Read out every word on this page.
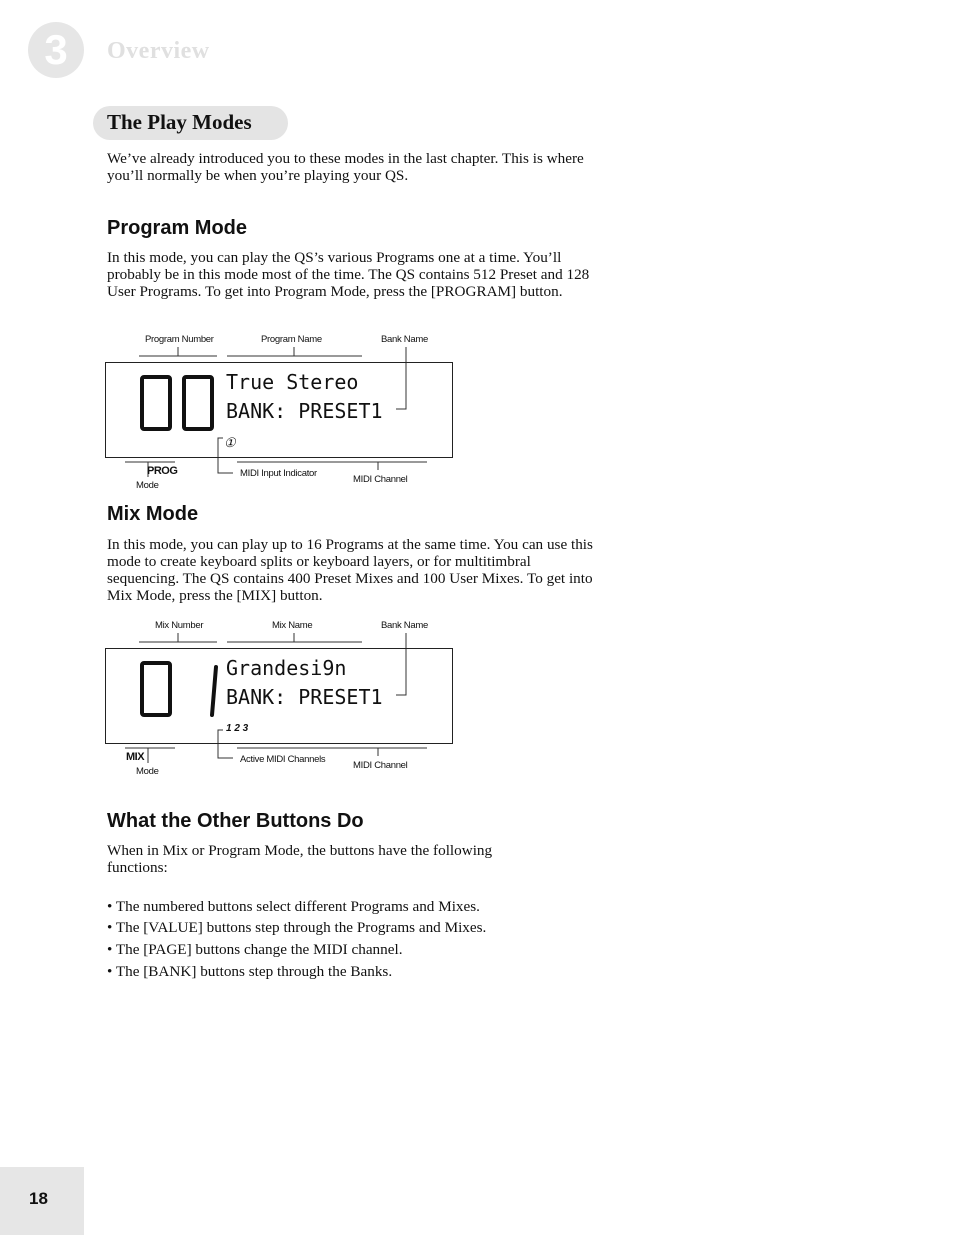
3	Overview
The Play Modes
We’ve already introduced you to these modes in the last chapter. This is where you’ll normally be when you’re playing your QS.
Program Mode
In this mode, you can play the QS’s various Programs one at a time. You’ll probably be in this mode most of the time. The QS contains 512 Preset and 128 User Programs. To get into Program Mode, press the [PROGRAM] button.
Program Number	Program Name	Bank Name
True Stereo
BANK: PRESET1
PROG
①
Mode
MIDI Input Indicator
MIDI Channel
Mix Mode
In this mode, you can play up to 16 Programs at the same time. You can use this mode to create keyboard splits or keyboard layers, or for multitimbral sequencing. The QS contains 400 Preset Mixes and 100 User Mixes. To get into Mix Mode, press the [MIX] button.
Mix Number	Mix Name	Bank Name
Grandesi9n
BANK: PRESET1
MIX
1 2 3
Mode
Active MIDI Channels
MIDI Channel
What the Other Buttons Do
When in Mix or Program Mode, the buttons have the following functions:
• The numbered buttons select different Programs and Mixes.
• The [VALUE] buttons step through the Programs and Mixes.
• The [PAGE] buttons change the MIDI channel.
• The [BANK] buttons step through the Banks.
18
